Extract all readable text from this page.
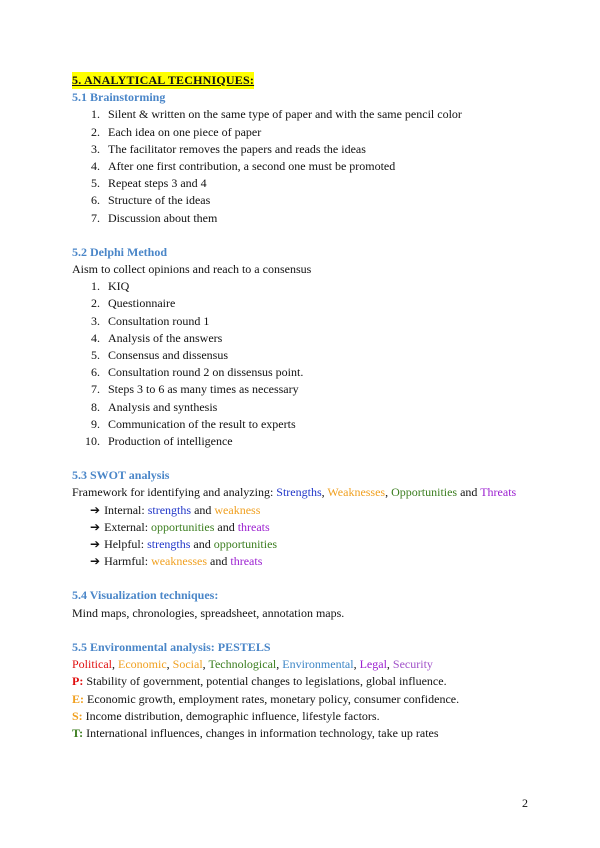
5. ANALYTICAL TECHNIQUES:
5.1 Brainstorming
1. Silent & written on the same type of paper and with the same pencil color
2. Each idea on one piece of paper
3. The facilitator removes the papers and reads the ideas
4. After one first contribution, a second one must be promoted
5. Repeat steps 3 and 4
6. Structure of the ideas
7. Discussion about them
5.2 Delphi Method

Aism to collect opinions and reach to a consensus

1. KIQ
2. Questionnaire
3. Consultation round 1
4. Analysis of the answers
5. Consensus and dissensus
6. Consultation round 2 on dissensus point.
7. Steps 3 to 6 as many times as necessary
8. Analysis and synthesis
9. Communication of the result to experts
10. Production of intelligence
5.3 SWOT analysis

Framework for identifying and analyzing: Strengths, Weaknesses, Opportunities and Threats

➔ Internal: strengths and weakness
➔ External: opportunities and threats
➔ Helpful: strengths and opportunities
➔ Harmful: weaknesses and threats
5.4 Visualization techniques:

Mind maps, chronologies, spreadsheet, annotation maps.

5.5 Environmental analysis: PESTELS

Political, Economic, Social, Technological, Environmental, Legal, Security

P: Stability of government, potential changes to legislations, global influence.

E: Economic growth, employment rates, monetary policy, consumer confidence.

S: Income distribution, demographic influence, lifestyle factors.

T: International influences, changes in information technology, take up rates

2
